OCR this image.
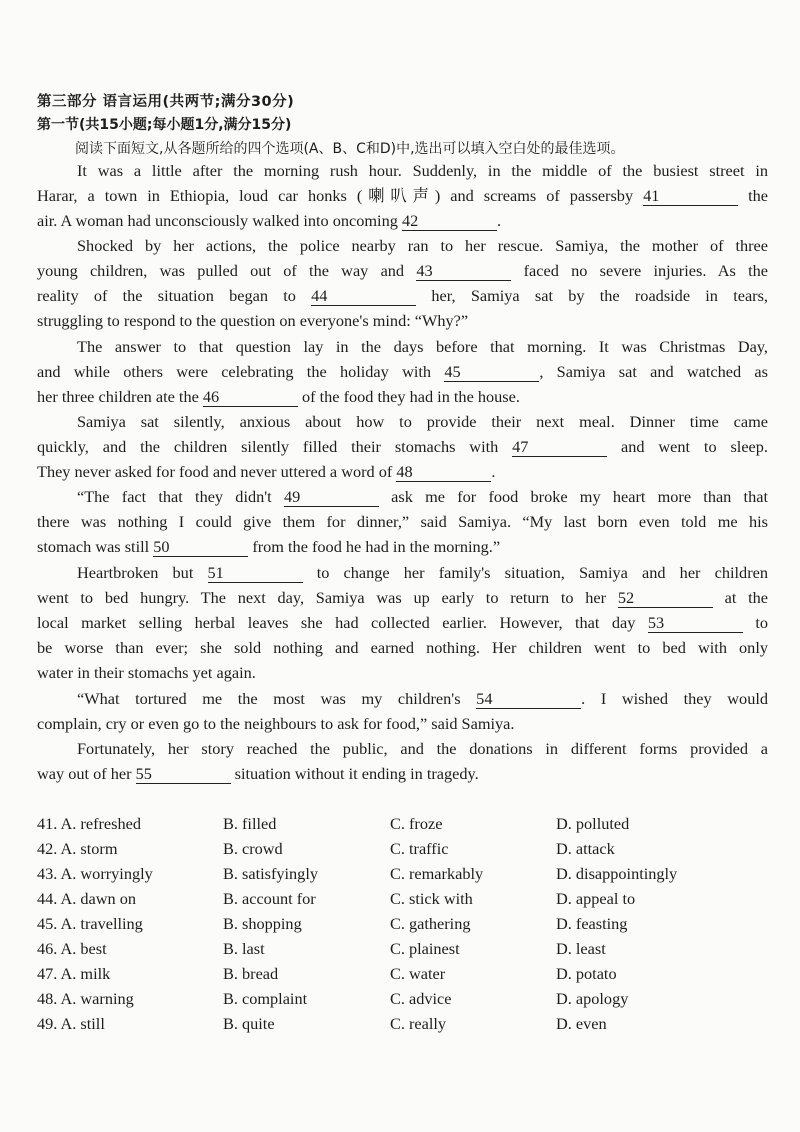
第三部分 语言运用(共两节;满分30分)
第一节(共15小题;每小题1分,满分15分)
阅读下面短文,从各题所给的四个选项(A、B、C和D)中,选出可以填入空白处的最佳选项。
It was a little after the morning rush hour. Suddenly, in the middle of the busiest street in
Harar, a town in Ethiopia, loud car honks (喇叭声) and screams of passersby 41	the
air. A woman had unconsciously walked into oncoming 42	.
Shocked by her actions, the police nearby ran to her rescue. Samiya, the mother of three
young children, was pulled out of the way and 43	faced no severe injuries. As the
reality of the situation began to 44	her, Samiya sat by the roadside in tears,
struggling to respond to the question on everyone's mind: “Why?”
The answer to that question lay in the days before that morning. It was Christmas Day,
and while others were celebrating the holiday with 45	, Samiya sat and watched as
her three children ate the 46	of the food they had in the house.
Samiya sat silently, anxious about how to provide their next meal. Dinner time came
quickly, and the children silently filled their stomachs with 47	and went to sleep.
They never asked for food and never uttered a word of 48	.
“The fact that they didn't 49	ask me for food broke my heart more than that
there was nothing I could give them for dinner,” said Samiya. “My last born even told me his
stomach was still 50	from the food he had in the morning.”
Heartbroken but 51	to change her family's situation, Samiya and her children
went to bed hungry. The next day, Samiya was up early to return to her 52	at the
local market selling herbal leaves she had collected earlier. However, that day 53	to
be worse than ever; she sold nothing and earned nothing. Her children went to bed with only
water in their stomachs yet again.
“What tortured me the most was my children's 54	. I wished they would
complain, cry or even go to the neighbours to ask for food,” said Samiya.
Fortunately, her story reached the public, and the donations in different forms provided a
way out of her 55	situation without it ending in tragedy.
41. A. refreshed	B. filled	C. froze	D. polluted
42. A. storm	B. crowd	C. traffic	D. attack
43. A. worryingly	B. satisfyingly	C. remarkably	D. disappointingly
44. A. dawn on	B. account for	C. stick with	D. appeal to
45. A. travelling	B. shopping	C. gathering	D. feasting
46. A. best	B. last	C. plainest	D. least
47. A. milk	B. bread	C. water	D. potato
48. A. warning	B. complaint	C. advice	D. apology
49. A. still	B. quite	C. really	D. even
